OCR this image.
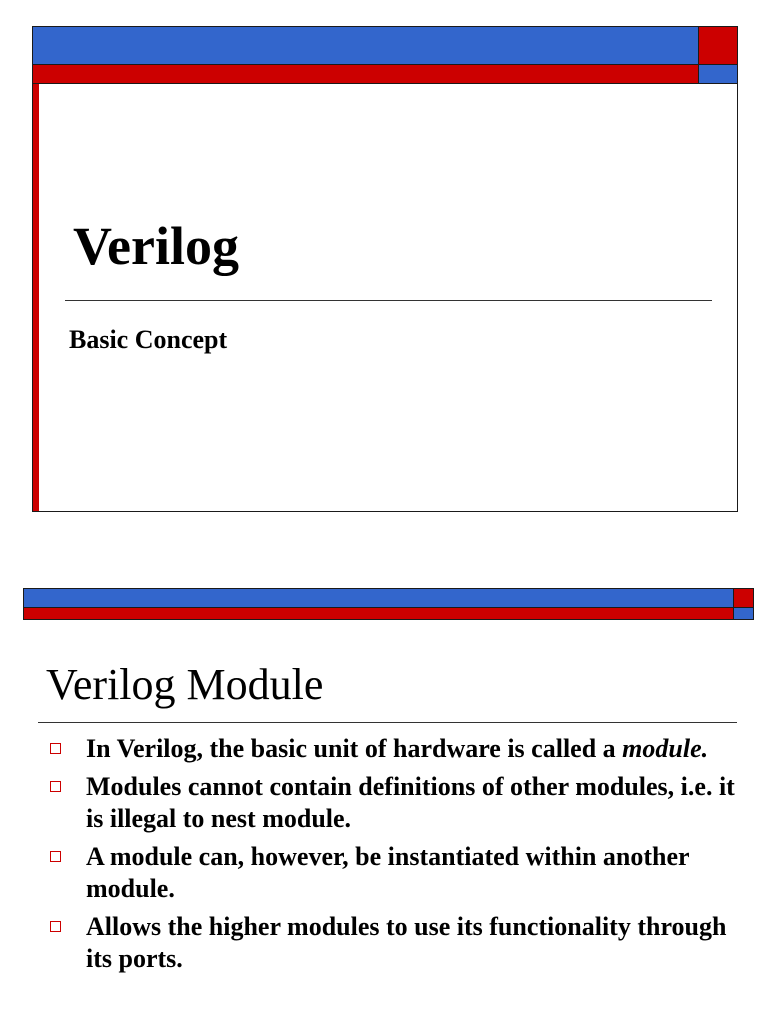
Verilog
Basic Concept
Verilog Module
In Verilog, the basic unit of hardware is called a module.
Modules cannot contain definitions of other modules, i.e. it is illegal to nest module.
A module can, however, be instantiated within another module.
Allows the higher modules to use its functionality through its ports.
